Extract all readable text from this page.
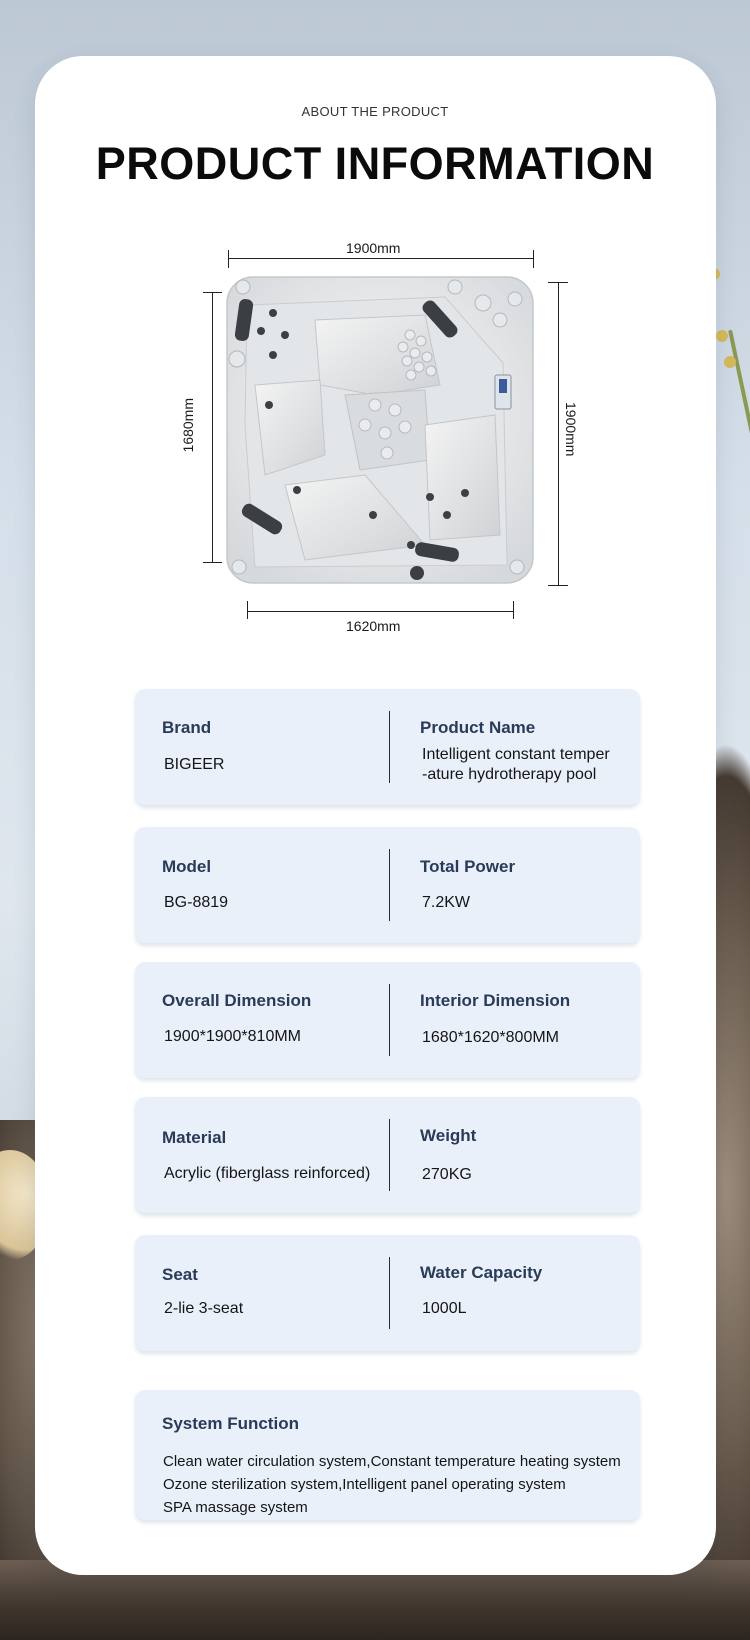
ABOUT THE PRODUCT
PRODUCT INFORMATION
1900mm
1620mm
1680mm	1900mm
Brand
BIGEER
Product Name
Intelligent constant temper
-ature hydrotherapy pool
Model
BG-8819
Total Power
7.2KW
Overall Dimension
1900*1900*810MM
Interior Dimension
1680*1620*800MM
Material
Acrylic (fiberglass reinforced)
Weight
270KG
Seat
2-lie 3-seat
Water Capacity
1000L
System Function
Clean water circulation system,Constant temperature heating system
Ozone sterilization system,Intelligent panel operating system
SPA massage system
